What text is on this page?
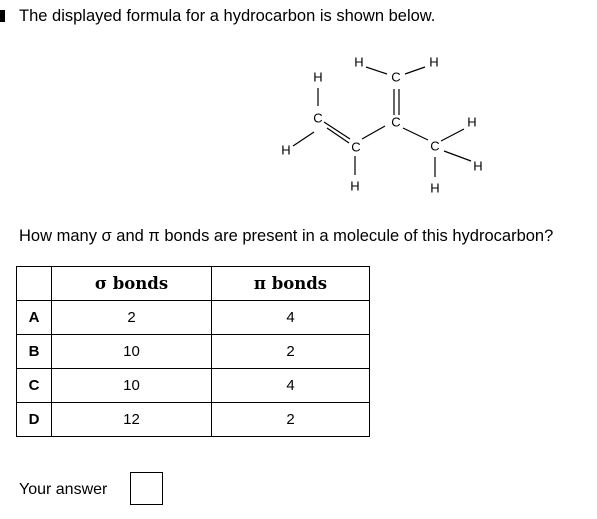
The displayed formula for a hydrocarbon is shown below.
H
H
H
H
C
C
C
C
C
H
H
H
H
How many σ and π bonds are present in a molecule of this hydrocarbon?
	σ bonds	π bonds
A	2	4
B	10	2
C	10	4
D	12	2
Your answer
